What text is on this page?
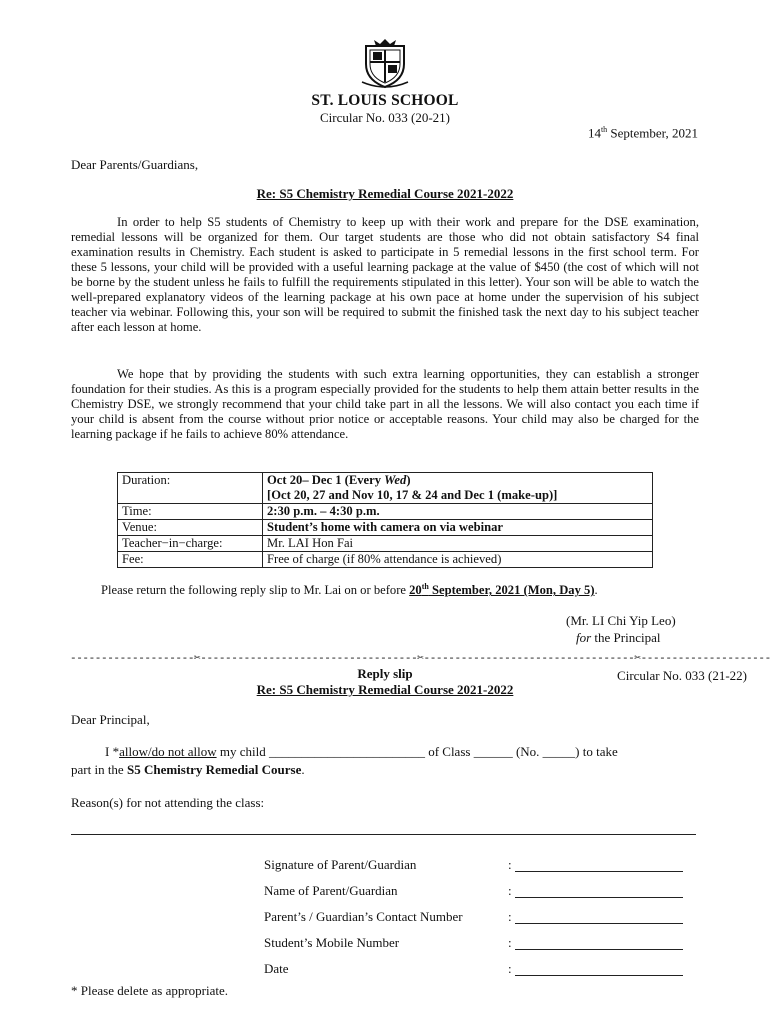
ST. LOUIS SCHOOL
Circular No. 033 (20-21)
14th September, 2021
Dear Parents/Guardians,
Re: S5 Chemistry Remedial Course 2021-2022

In order to help S5 students of Chemistry to keep up with their work and prepare for the DSE examination, remedial lessons will be organized for them. Our target students are those who did not obtain satisfactory S4 final examination results in Chemistry. Each student is asked to participate in 5 remedial lessons in the first school term. For these 5 lessons, your child will be provided with a useful learning package at the value of $450 (the cost of which will not be borne by the student unless he fails to fulfill the requirements stipulated in this letter). Your son will be able to watch the well-prepared explanatory videos of the learning package at his own pace at home under the supervision of his subject teacher via webinar. Following this, your son will be required to submit the finished task the next day to his subject teacher after each lesson at home.

We hope that by providing the students with such extra learning opportunities, they can establish a stronger foundation for their studies. As this is a program especially provided for the students to help them attain better results in the Chemistry DSE, we strongly recommend that your child take part in all the lessons. We will also contact you each time if your child is absent from the course without prior notice or acceptable reasons. Your child may also be charged for the learning package if he fails to achieve 80% attendance.

Duration:	Oct 20– Dec 1 (Every Wed)
[Oct 20, 27 and Nov 10, 17 & 24 and Dec 1 (make-up)]
Time:	2:30 p.m. – 4:30 p.m.
Venue:	Student’s home with camera on via webinar
Teacher−in−charge:	Mr. LAI Hon Fai
Fee:	Free of charge (if 80% attendance is achieved)
Please return the following reply slip to Mr. Lai on or before 20th September, 2021 (Mon, Day 5).
(Mr. LI Chi Yip Leo)
for the Principal
--------------------✂-----------------------------------✂----------------------------------✂---------------------
Reply slip	Circular No. 033 (21-22)
Re: S5 Chemistry Remedial Course 2021-2022
Dear Principal,
I *allow/do not allow my child ________________________ of Class ______ (No. _____) to take
part in the S5 Chemistry Remedial Course.
Reason(s) for not attending the class:
Signature of Parent/Guardian	:
Name of Parent/Guardian	:
Parent’s / Guardian’s Contact Number	:
Student’s Mobile Number	:
Date	:
* Please delete as appropriate.
